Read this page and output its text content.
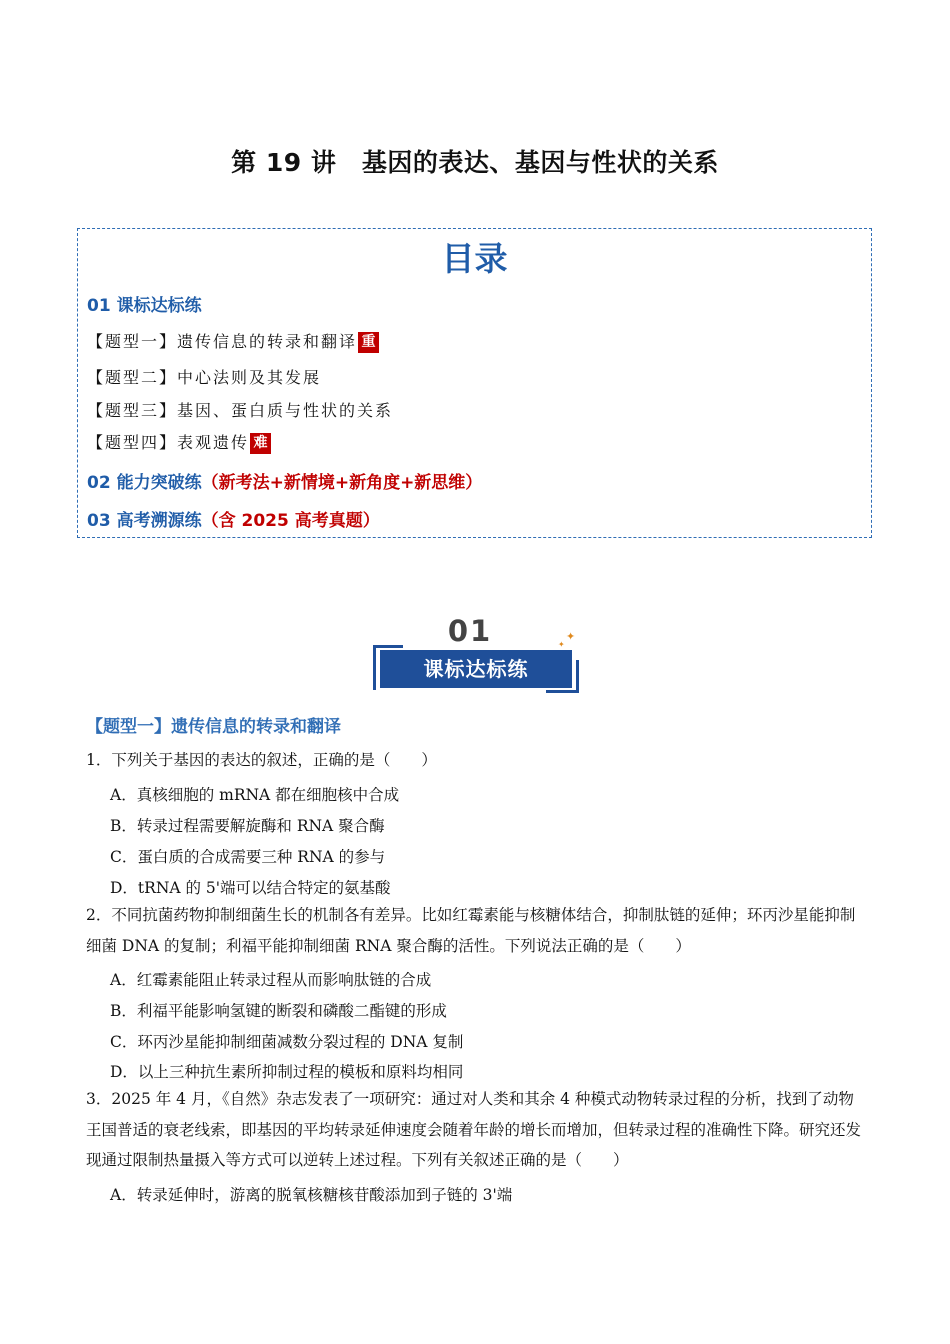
第 19 讲　基因的表达、基因与性状的关系
目录
01 课标达标练
【题型一】遗传信息的转录和翻译 重
【题型二】中心法则及其发展
【题型三】基因、蛋白质与性状的关系
【题型四】表观遗传 难
02 能力突破练（新考法+新情境+新角度+新思维）
03 高考溯源练（含 2025 高考真题）
01
课标达标练
✦
✦
【题型一】遗传信息的转录和翻译
1．下列关于基因的表达的叙述，正确的是（　　）
A．真核细胞的 mRNA 都在细胞核中合成
B．转录过程需要解旋酶和 RNA 聚合酶
C．蛋白质的合成需要三种 RNA 的参与
D．tRNA 的 5'端可以结合特定的氨基酸
2．不同抗菌药物抑制细菌生长的机制各有差异。比如红霉素能与核糖体结合，抑制肽链的延伸；环丙沙星能抑制细菌 DNA 的复制；利福平能抑制细菌 RNA 聚合酶的活性。下列说法正确的是（　　）
A．红霉素能阻止转录过程从而影响肽链的合成
B．利福平能影响氢键的断裂和磷酸二酯键的形成
C．环丙沙星能抑制细菌减数分裂过程的 DNA 复制
D．以上三种抗生素所抑制过程的模板和原料均相同
3．2025 年 4 月，《自然》杂志发表了一项研究：通过对人类和其余 4 种模式动物转录过程的分析，找到了动物王国普适的衰老线索，即基因的平均转录延伸速度会随着年龄的增长而增加，但转录过程的准确性下降。研究还发现通过限制热量摄入等方式可以逆转上述过程。下列有关叙述正确的是（　　）
A．转录延伸时，游离的脱氧核糖核苷酸添加到子链的 3'端
